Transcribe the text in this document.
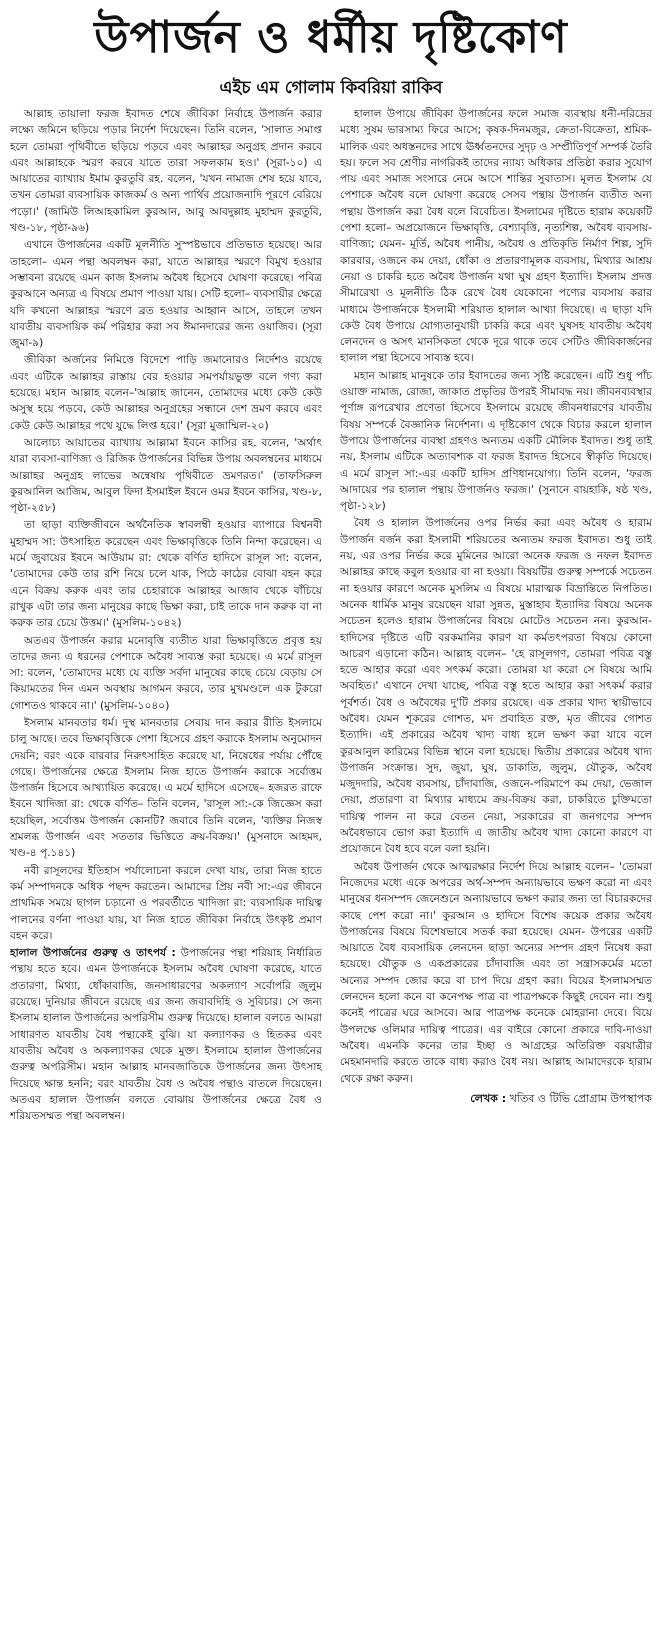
উপার্জন ও ধর্মীয় দৃষ্টিকোণ
এইচ এম গোলাম কিবরিয়া রাকিব

আল্লাহ তায়ালা ফরজ ইবাদত শেষে জীবিকা নির্বাহে উপার্জন করার লক্ষ্যে জমিনে ছড়িয়ে পড়ার নির্দেশ দিয়েছেন। তিনি বলেন, 'সালাত সমাপ্ত হলে তোমরা পৃথিবীতে ছড়িয়ে পড়বে এবং আল্লাহর অনুগ্রহ প্রদান করবে এবং আল্লাহকে স্মরণ করবে যাতে তারা সফলকাম হও।' (সূরা-১০) এ আয়াতের ব্যাখ্যায় ইমাম কুরতুবি রহ. বলেন, 'যখন নামাজ শেষ হয়ে যাবে, তখন তোমরা ব্যবসায়িক কাজকর্ম ও অন্য পার্থিব প্রয়োজনাদি পূরণে বেরিয়ে পড়ো।' (জামিউ লিআহকামিল কুরআন, আবু আবদুল্লাহ মুহাম্মদ কুরতুবি, খণ্ড-১৮, পৃষ্ঠা-৯৬)

এখানে উপার্জনের একটি মূলনীতি সুস্পষ্টভাবে প্রতিভাত হয়েছে। আর তাহলো– এমন পন্থা অবলম্বন করা, যাতে আল্লাহর স্মরণে বিমুখ হওয়ার সম্ভাবনা রয়েছে এমন কাজ ইসলাম অবৈধ হিসেবে ঘোষণা করেছে। পবিত্র কুরআনে অন্যত্র এ বিষয়ে প্রমাণ পাওয়া যায়। সেটি হলো– ব্যবসায়ীর ক্ষেত্রে যদি কখনো আল্লাহর স্মরণে ব্রত হওয়ার আহ্বান আসে, তাহলে তখন যাবতীয় ব্যবসায়িক কর্ম পরিহার করা সব ঈমানদারের জন্য ওয়াজিব। (সূরা জুমা-৯)

জীবিকা অর্জনের নিমিত্তে বিদেশে পাড়ি জমানোরও নির্দেশও রয়েছে এবং এটিকে আল্লাহর রাস্তায় বের হওয়ার সমপর্যায়ভুক্ত বলে গণ্য করা হয়েছে। মহান আল্লাহ বলেন–'আল্লাহ জানেন, তোমাদের মধ্যে কেউ কেউ অসুস্থ হয়ে পড়বে, কেউ আল্লাহর অনুগ্রহের সন্ধানে দেশ ভ্রমণ করবে এবং কেউ কেউ আল্লাহর পথে যুদ্ধে লিপ্ত হবে।' (সূরা মুজাম্মিল-২০)

আলোচ্য আয়াতের ব্যাখ্যায় আল্লামা ইবনে কাসির রহ. বলেন, 'অর্থাৎ যারা ব্যবসা-বাণিজ্য ও রিজিক উপার্জনের বিভিন্ন উপায় অবলম্বনের মাধ্যমে আল্লাহর অনুগ্রহ লাভের অন্বেষায় পৃথিবীতে ভ্রমণরত।' (তাফসিরুল কুরআনিল আজিম, আবুল ফিদা ইসমাইল ইবনে ওমর ইবনে কাসির, খণ্ড-৮, পৃষ্ঠা-২৫৮)

তা ছাড়া ব্যক্তিজীবনে অর্থনৈতিক স্বাবলম্বী হওয়ার ব্যাপারে বিশ্বনবী মুহাম্মদ সা: উৎসাহিত করেছেন এবং ভিক্ষাবৃত্তিকে তিনি নিন্দা করেছেন। এ মর্মে জুবায়ের ইবনে আউয়াম রা: থেকে বর্ণিত হাদিসে রাসূল সা: বলেন, 'তোমাদের কেউ তার রশি নিয়ে চলে যাক, পিঠে কাঠের বোঝা বহন করে এনে বিক্রয় করুক এবং তার চেহারাকে আল্লাহর আজাব থেকে বাঁচিয়ে রাখুক এটা তার জন্য মানুষের কাছে ভিক্ষা করা, চাই তাকে দান করুক বা না করুক তার চেয়ে উত্তম।' (মুসলিম-১০৪২)

অতএব উপার্জন করার মনোবৃত্তি ব্যতীত যারা ভিক্ষাবৃত্তিতে প্রবৃত্ত হয় তাদের জন্য এ ধরনের পেশাকে অবৈধ সাব্যস্ত করা হয়েছে। এ মর্মে রাসূল সা: বলেন, 'তোমাদের মধ্যে যে ব্যক্তি সর্বদা মানুষের কাছে চেয়ে বেড়ায় সে কিয়ামতের দিন এমন অবস্থায় আগমন করবে, তার মুখমণ্ডলে এক টুকরো গোশতও থাকবে না।' (মুসলিম-১০৪০)

ইসলাম মানবতার ধর্ম। দুস্থ মানবতার সেবায় দান করার রীতি ইসলামে চালু আছে। তবে ভিক্ষাবৃত্তিকে পেশা হিসেবে গ্রহণ করাকে ইসলাম অনুমোদন দেয়নি; বরং একে বারবার নিরুৎসাহিত করেছে যা, নিষেধের পর্যায় পৌঁছে গেছে। উপার্জনের ক্ষেত্রে ইসলাম নিজ হাতে উপার্জন করাকে সর্বোত্তম উপার্জন হিসেবে আখ্যায়িত করেছে। এ মর্মে হাদিসে এসেছে– হজরত রাফে ইবনে খাদিজা রা: থেকে বর্ণিত– তিনি বলেন, 'রাসূল সা:-কে জিজ্ঞেস করা হয়েছিল, সর্বোত্তম উপার্জন কোনটি? জবাবে তিনি বলেন, 'ব্যক্তির নিজস্ব শ্রমলব্ধ উপার্জন এবং সততার ভিত্তিতে ক্রয়-বিক্রয়।' (মুসনাদে আহমদ, খণ্ড-৪ পৃ.১৪১)

নবী রাসূলদের ইতিহাস পর্যালোচনা করলে দেখা যায়, তারা নিজ হাতে কর্ম সম্পাদনকে অধিক পছন্দ করতেন। আমাদের প্রিয় নবী সা:-এর জীবনে প্রাথমিক সময়ে ছাগল চড়ানো ও পরবর্তীতে খাদিজা রা: ব্যবসায়িক দায়িত্ব পালনের বর্ণনা পাওয়া যায়, যা নিজ হাতে জীবিকা নির্বাহে উৎকৃষ্ট প্রমাণ বহন করে।

হালাল উপার্জনের গুরুত্ব ও তাৎপর্য : উপার্জনের পন্থা শরিয়াহ নির্ধারিত পন্থায় হতে হবে। এমন উপার্জনকে ইসলাম অবৈধ ঘোষণা করেছে, যাতে প্রতারণা, মিথ্যা, ধোঁকাবাজি, জনসাধারণের অকল্যাণ সর্বোপরি জুলুম রয়েছে। দুনিয়ার জীবনে রয়েছে এর জন্য জবাবদিহি ও সুবিচার। সে জন্য ইসলাম হালাল উপার্জনের অপরিসীম গুরুত্ব দিয়েছে। হালাল বলতে আমরা সাধারণত যাবতীয় বৈধ পন্থাকেই বুঝি। যা কল্যাণকর ও হিতকর এবং যাবতীয় অবৈধ ও অকল্যাণকর থেকে মুক্ত। ইসলামে হালাল উপার্জনের গুরুত্ব অপরিসীম। মহান আল্লাহ মানবজাতিকে উপার্জনের জন্য উৎসাহ দিয়েছে ক্ষান্ত হননি; বরং যাবতীয় বৈধ ও অবৈধ পন্থাও বাতলে দিয়েছেন। অতএব হালাল উপার্জন বলতে বোঝায় উপার্জনের ক্ষেত্রে বৈধ ও শরিয়তসম্মত পন্থা অবলম্বন।

হালাল উপায়ে জীবিকা উপার্জনের ফলে সমাজ ব্যবস্থায় ধনী-দরিদ্রের মধ্যে সুষম ভারসাম্য ফিরে আসে; কৃষক-দিনমজুর, ক্রেতা-বিক্রেতা, শ্রমিক-মালিক এবং অধস্তনদের সাথে ঊর্ধ্বতনদের সুদৃঢ় ও সম্প্রীতিপূর্ণ সম্পর্ক তৈরি হয়। ফলে সব শ্রেণীর নাগরিকই তাদের ন্যায্য অধিকার প্রতিষ্ঠা করার সুযোগ পায় এবং সমাজ সংসারে নেমে আসে শান্তির সুবাতাস। মূলত ইসলাম যে পেশাকে অবৈধ বলে ঘোষণা করেছে সেসব পন্থায় উপার্জন ব্যতীত অন্য পন্থায় উপার্জন করা বৈধ বলে বিবেচিত। ইসলামের দৃষ্টিতে হারাম কয়েকটি পেশা হলো– অপ্রয়োজনে ভিক্ষাবৃত্তি, বেশ্যাবৃত্তি, নৃত্যশিল্প, অবৈধ ব্যবসায়-বাণিজ্য; যেমন- মূর্তি, অবৈধ পানীয়, অবৈধ ও প্রতিকৃতি নির্মাণ শিল্প, সুদি কারবার, ওজনে কম দেয়া, ধোঁকা ও প্রতারণামূলক ব্যবসায়, মিথ্যার আশ্রয় নেয়া ও চাকরি হতে অবৈধ উপার্জন যথা ঘুষ গ্রহণ ইত্যাদি। ইসলাম প্রদত্ত সীমারেখা ও মূলনীতি ঠিক রেখে বৈধ যেকোনো পণ্যের ব্যবসায় করার মাধ্যমে উপার্জনকে ইসলামী শরিয়াত হালাল আখ্যা দিয়েছে। এ ছাড়া যদি কেউ বৈধ উপায়ে যোগ্যতানুযায়ী চাকরি করে এবং ঘুষসহ যাবতীয় অবৈধ লেনদেন ও অসৎ মানসিকতা থেকে দূরে থাকে তবে সেটিও জীবিকার্জনের হালাল পন্থা হিসেবে সাব্যস্ত হবে।

মহান আল্লাহ মানুষকে তার ইবাদতের জন্য সৃষ্টি করেছেন। এটি শুধু পাঁচ ওয়াক্ত নামাজ, রোজা, জাকাত প্রভৃতির উপরই সীমাবদ্ধ নয়। জীবনব্যবস্থার পূর্ণাঙ্গ রূপরেখার প্রণেতা হিসেবে ইসলামে রয়েছে জীবনধারণের যাবতীয় বিষয় সম্পর্কে বৈজ্ঞানিক নির্দেশনা। এ দৃষ্টিকোণ থেকে বিচার করলে হালাল উপায়ে উপার্জনের ব্যবস্থা গ্রহণও অন্যতম একটি মৌলিক ইবাদত। শুধু তাই নয়, ইসলাম এটিকে অত্যাবশ্যক বা ফরজ ইবাদত হিসেবে স্বীকৃতি দিয়েছে। এ মর্মে রাসূল সা:-এর একটি হাদিস প্রণিধানযোগ্য। তিনি বলেন, 'ফরজ আদায়ের পর হালাল পন্থায় উপার্জনও ফরজ।' (সুনানে বায়হাকি, ষষ্ঠ খণ্ড, পৃষ্ঠা-১২৮)

বৈধ ও হালাল উপার্জনের ওপর নির্ভর করা এবং অবৈধ ও হারাম উপার্জন বর্জন করা ইসলামী শরিয়তের অন্যতম ফরজ ইবাদত। শুধু তাই নয়, এর ওপর নির্ভর করে মুমিনের আরো অনেক ফরজ ও নফল ইবাদত আল্লাহর কাছে কবুল হওয়ার বা না হওয়া। বিষয়টির গুরুত্ব সম্পর্কে সচেতন না হওয়ার কারণে অনেক মুসলিম এ বিষয়ে মারাত্মক বিভ্রান্তিতে নিপতিত। অনেক ধার্মিক মানুষ রয়েছেন যারা সুন্নত, মুস্তাহাব ইত্যাদির বিষয়ে অনেক সচেতন হলেও হারাম উপার্জনের বিষয়ে মোটেও সচেতন নন। কুরআন-হাদিসের দৃষ্টিতে এটি বরকমানির কারণ যা কর্মতৎপরতা বিষয়ে কোনো আচরণ এড়ানো কঠিন। আল্লাহ বলেন– 'হে রাসূলগণ, তোমরা পবিত্র বস্তু হতে আহার করো এবং সৎকর্ম করো। তোমরা যা করো সে বিষয়ে আমি অবহিত।' এখানে দেখা যাচ্ছে, পবিত্র বস্তু হতে আহার করা সৎকর্ম করার পূর্বশর্ত। বৈধ ও অবৈধের দু'টি প্রকার রয়েছে। এক প্রকার খাদ্য স্থায়ীভাবে অবৈধ। যেমন শূকরের গোশত, মদ প্রবাহিত রক্ত, মৃত জীবের গোশত ইত্যাদি। এই প্রকারের অবৈধ খাদ্য বাধ্য হলে ভক্ষণ করা যাবে বলে কুরআনুল কারিমের বিভিন্ন স্থানে বলা হয়েছে। দ্বিতীয় প্রকারের অবৈধ খাদ্য উপার্জন সংক্রান্ত। সুদ, জুয়া, ঘুষ, ডাকাতি, জুলুম, যৌতুক, অবৈধ মজুদদারি, অবৈধ ব্যবসায়, চাঁদাবাজি, ওজনে-পরিমাপে কম দেয়া, ভেজাল দেয়া, প্রতারণা বা মিথ্যার মাধ্যমে ক্রয়-বিক্রয় করা, চাকরিতে চুক্তিমতো দায়িত্ব পালন না করে বেতন নেয়া, সরকারের বা জনগণের সম্পদ অবৈধভাবে ভোগ করা ইত্যাদি এ জাতীয় অবৈধ খাদ্য কোনো কারণে বা প্রয়োজনে বৈধ হবে বলে বলা হয়নি।

অবৈধ উপার্জন থেকে আত্মরক্ষার নির্দেশ দিয়ে আল্লাহ বলেন– 'তোমরা নিজেদের মধ্যে একে অপরের অর্থ-সম্পদ অন্যায়ভাবে ভক্ষণ করো না এবং মানুষের ধনসম্পদ জেনেশুনে অন্যায়ভাবে ভক্ষণ করার জন্য তা বিচারকদের কাছে পেশ করো না।' কুরআন ও হাদিসে বিশেষ কয়েক প্রকার অবৈধ উপার্জনের বিষয়ে বিশেষভাবে সতর্ক করা হয়েছে। যেমন- উপরের একটি আয়াতে বৈধ ব্যবসায়িক লেনদেন ছাড়া অন্যের সম্পদ গ্রহণ নিষেধ করা হয়েছে। যৌতুক ও একপ্রকারের চাঁদাবাজি এবং তা সন্ত্রাসকর্মের মতো অন্যের সম্পদ জোর করে বা চাপ দিয়ে গ্রহণ করা। বিয়ের ইসলামসম্মত লেনদেন হলো কনে বা কনেপক্ষ পাত্র বা পাত্রপক্ষকে কিছুই দেবেন না। শুধু কনেই পাত্রের ঘরে আসবে। আর পাত্রপক্ষ কনেকে মোহরানা দেবে। বিয়ে উপলক্ষে ওলিমার দায়িত্ব পাত্রের। এর বাইরে কোনো প্রকারে দাবি-দাওয়া অবৈধ। এমনকি কনের তার ইচ্ছা ও আগ্রহের অতিরিক্ত বরযাত্রীর মেহমানদারি করতে তাকে বাধ্য করাও বৈধ নয়। আল্লাহ আমাদেরকে হারাম থেকে রক্ষা করুন।

লেখক : খতিব ও টিভি প্রোগ্রাম উপস্থাপক
